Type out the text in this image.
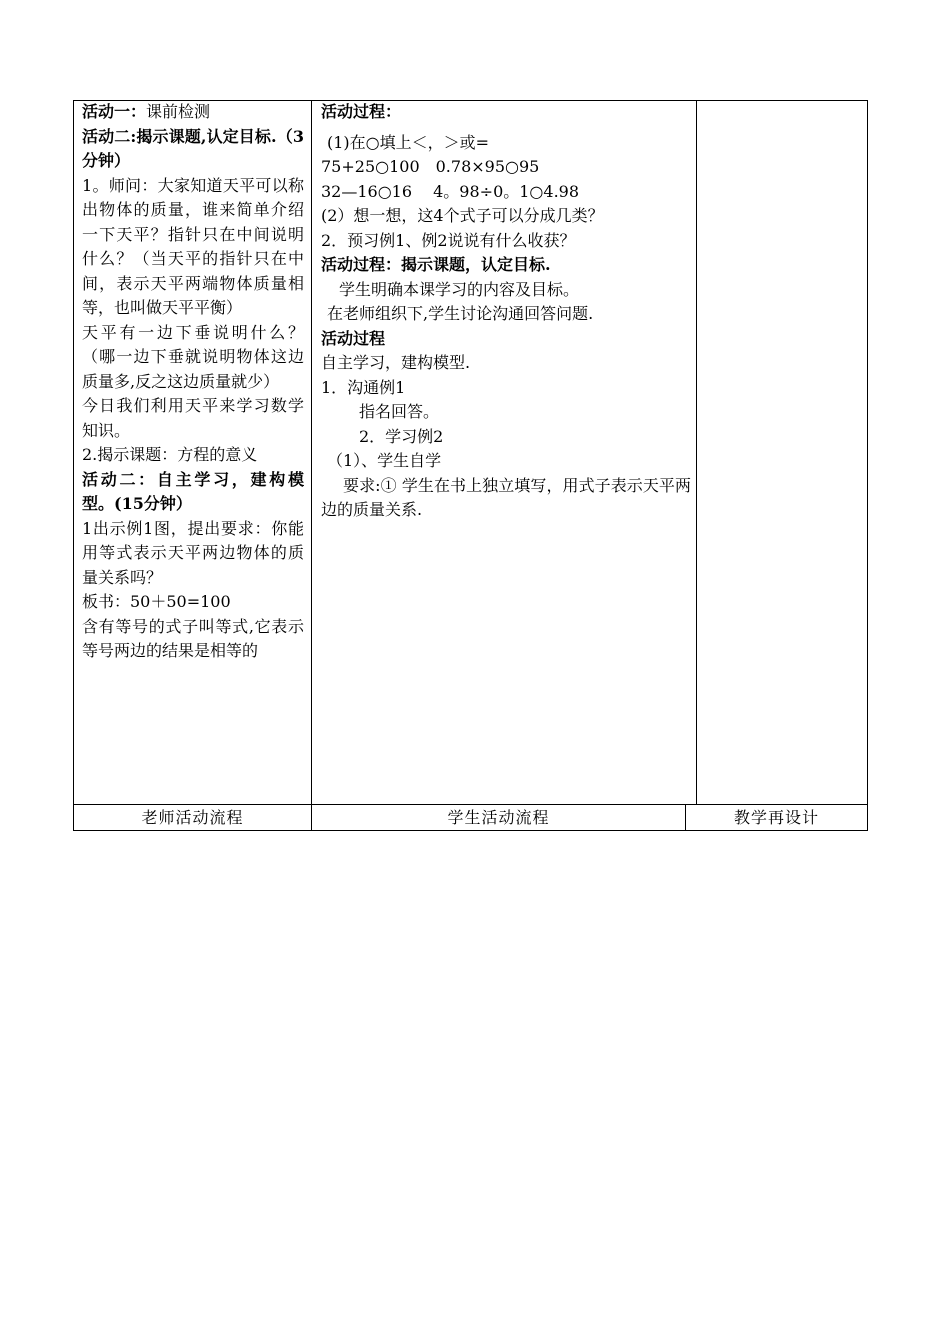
活动一：课前检测

活动二:揭示课题,认定目标.（3分钟）

1。师问：大家知道天平可以称出物体的质量，谁来简单介绍一下天平？指针只在中间说明什么？（当天平的指针只在中间，表示天平两端物体质量相等，也叫做天平平衡）

天平有一边下垂说明什么？（哪一边下垂就说明物体这边质量多,反之这边质量就少）

今日我们利用天平来学习数学知识。

2.揭示课题：方程的意义

活动二：自主学习，建构模型。(15分钟）

1出示例1图，提出要求：你能用等式表示天平两边物体的质量关系吗？

板书：50＋50=100

含有等号的式子叫等式,它表示等号两边的结果是相等的

活动过程：

(1)在○填上＜，＞或=

75+25○100　0.78×95○95

32—16○16　 4。98÷0。1○4.98

(2）想一想，这4个式子可以分成几类？

2．预习例1、例2说说有什么收获？

活动过程：揭示课题，认定目标.

学生明确本课学习的内容及目标。

在老师组织下,学生讨论沟通回答问题.

活动过程

自主学习，建构模型.

1．沟通例1

指名回答。

2．学习例2

（1）、学生自学

要求:① 学生在书上独立填写，用式子表示天平两边的质量关系.

老师活动流程	学生活动流程	教学再设计
